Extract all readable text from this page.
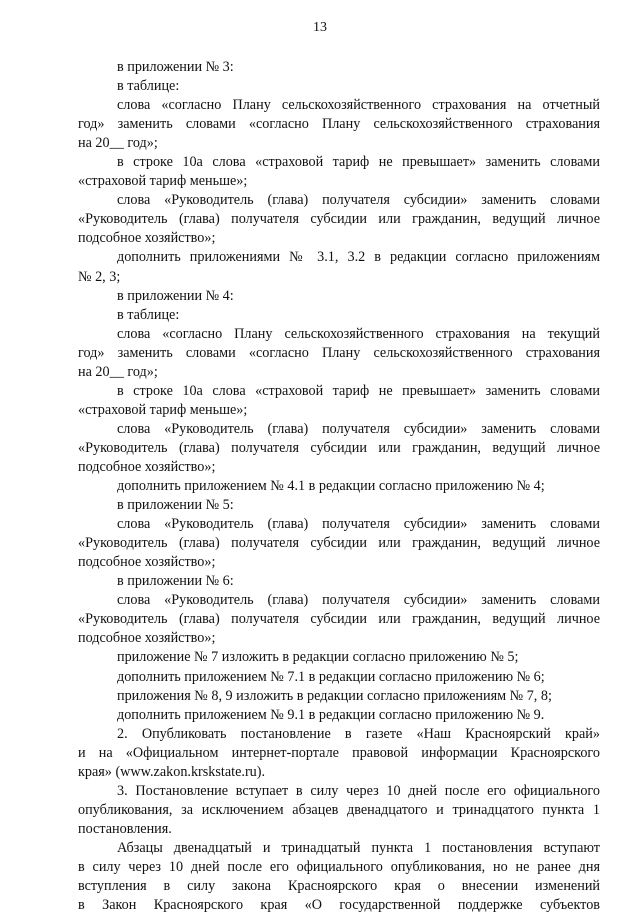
13

в приложении № 3:

в таблице:

слова «согласно Плану сельскохозяйственного страхования на отчетный

год» заменить словами «согласно Плану сельскохозяйственного страхования

на 20__ год»;

в строке 10а слова «страховой тариф не превышает» заменить словами

«страховой тариф меньше»;

слова «Руководитель (глава) получателя субсидии» заменить словами

«Руководитель (глава) получателя субсидии или гражданин, ведущий личное

подсобное хозяйство»;

дополнить приложениями № 3.1, 3.2 в редакции согласно приложениям

№ 2, 3;

в приложении № 4:

в таблице:

слова «согласно Плану сельскохозяйственного страхования на текущий

год» заменить словами «согласно Плану сельскохозяйственного страхования

на 20__ год»;

в строке 10а слова «страховой тариф не превышает» заменить словами

«страховой тариф меньше»;

слова «Руководитель (глава) получателя субсидии» заменить словами

«Руководитель (глава) получателя субсидии или гражданин, ведущий личное

подсобное хозяйство»;

дополнить приложением № 4.1 в редакции согласно приложению № 4;

в приложении № 5:

слова «Руководитель (глава) получателя субсидии» заменить словами

«Руководитель (глава) получателя субсидии или гражданин, ведущий личное

подсобное хозяйство»;

в приложении № 6:

слова «Руководитель (глава) получателя субсидии» заменить словами

«Руководитель (глава) получателя субсидии или гражданин, ведущий личное

подсобное хозяйство»;

приложение № 7 изложить в редакции согласно приложению № 5;

дополнить приложением № 7.1 в редакции согласно приложению № 6;

приложения № 8, 9 изложить в редакции согласно приложениям № 7, 8;

дополнить приложением № 9.1 в редакции согласно приложению № 9.

2. Опубликовать постановление в газете «Наш Красноярский край»

и на «Официальном интернет-портале правовой информации Красноярского

края» (www.zakon.krskstate.ru).

3. Постановление вступает в силу через 10 дней после его официального

опубликования, за исключением абзацев двенадцатого и тринадцатого пункта 1

постановления.

Абзацы двенадцатый и тринадцатый пункта 1 постановления вступают

в силу через 10 дней после его официального опубликования, но не ранее дня

вступления в силу закона Красноярского края о внесении изменений

в Закон Красноярского края «О государственной поддержке субъектов
